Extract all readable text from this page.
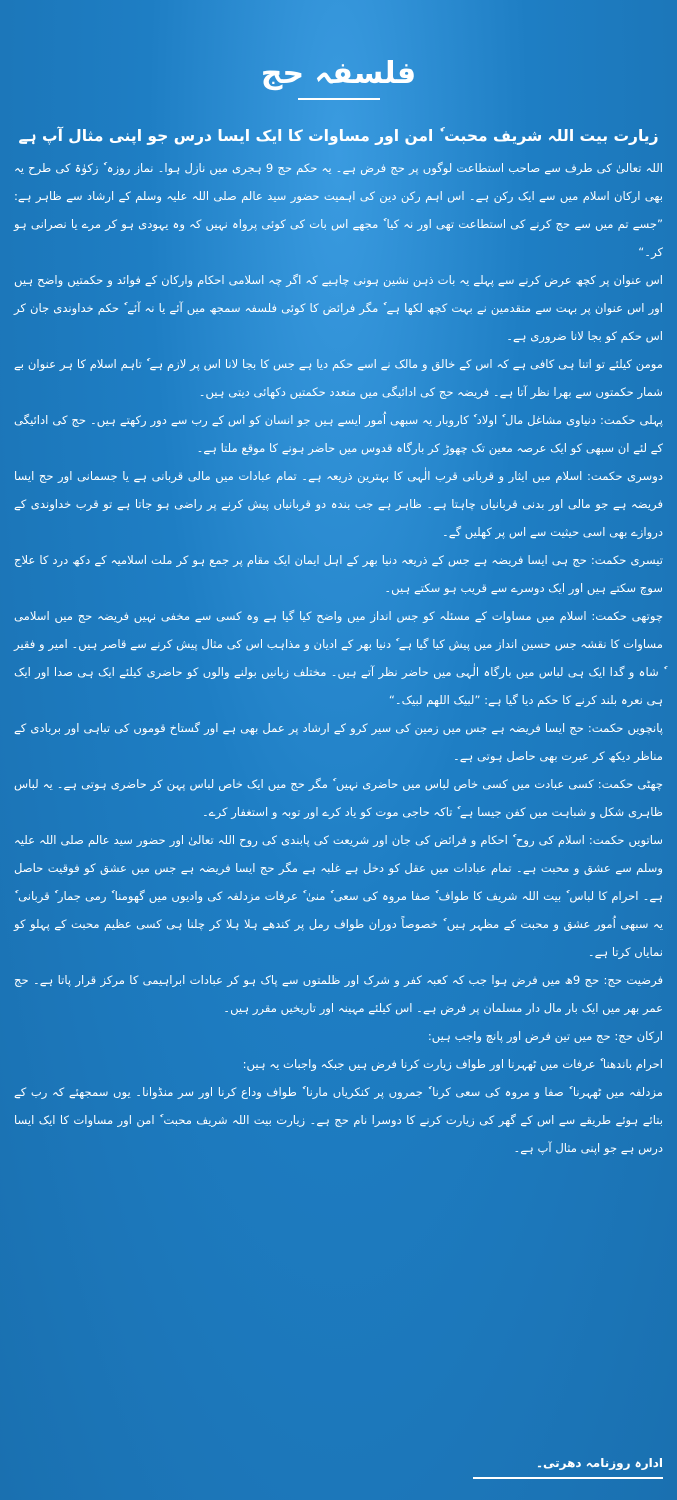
فلسفہ حج
زیارت بیت اللہ شریف محبت ٗ امن اور مساوات کا ایک ایسا درس جو اپنی مثال آپ ہے

اللہ تعالیٰ کی طرف سے صاحب استطاعت لوگوں پر حج فرض ہے۔ یہ حکم حج 9 ہجری میں نازل ہوا۔ نماز روزہ ٗ زکوٰۃ کی طرح یہ بھی ارکان اسلام میں سے ایک رکن ہے۔ اس اہم رکن دین کی اہمیت حضور سید عالم صلی اللہ علیہ وسلم کے ارشاد سے ظاہر ہے: ”جسے تم میں سے حج کرنے کی استطاعت تھی اور نہ کیا ٗ مجھے اس بات کی کوئی پرواہ نہیں کہ وہ یہودی ہو کر مرے یا نصرانی ہو کر۔“

اس عنوان پر کچھ عرض کرنے سے پہلے یہ بات ذہن نشین ہونی چاہیے کہ اگر چہ اسلامی احکام وارکان کے فوائد و حکمتیں واضح ہیں اور اس عنوان پر بہت سے متقدمین نے بہت کچھ لکھا ہے ٗ مگر فرائض کا کوئی فلسفہ سمجھ میں آئے یا نہ آئے ٗ حکم خداوندی جان کر اس حکم کو بجا لانا ضروری ہے۔

مومن کیلئے تو اتنا ہی کافی ہے کہ اس کے خالق و مالک نے اسے حکم دیا ہے جس کا بجا لانا اس پر لازم ہے ٗ تاہم اسلام کا ہر عنوان بے شمار حکمتوں سے بھرا نظر آتا ہے۔ فریضہ حج کی ادائیگی میں متعدد حکمتیں دکھائی دیتی ہیں۔

پہلی حکمت: دنیاوی مشاغل مال ٗ اولاد ٗ کاروبار یہ سبھی اُمور ایسے ہیں جو انسان کو اس کے رب سے دور رکھتے ہیں۔ حج کی ادائیگی کے لئے ان سبھی کو ایک عرصہ معین تک چھوڑ کر بارگاہ قدوس میں حاضر ہونے کا موقع ملتا ہے۔

دوسری حکمت: اسلام میں ایثار و قربانی قرب الٰہی کا بہترین ذریعہ ہے۔ تمام عبادات میں مالی قربانی ہے یا جسمانی اور حج ایسا فریضہ ہے جو مالی اور بدنی قربانیاں چاہتا ہے۔ ظاہر ہے جب بندہ دو قربانیاں پیش کرنے پر راضی ہو جاتا ہے تو قرب خداوندی کے دروازے بھی اسی حیثیت سے اس پر کھلیں گے۔

تیسری حکمت: حج ہی ایسا فریضہ ہے جس کے ذریعہ دنیا بھر کے اہل ایمان ایک مقام پر جمع ہو کر ملت اسلامیہ کے دکھ درد کا علاج سوچ سکتے ہیں اور ایک دوسرے سے قریب ہو سکتے ہیں۔

چوتھی حکمت: اسلام میں مساوات کے مسئلہ کو جس انداز میں واضح کیا گیا ہے وہ کسی سے مخفی نہیں فریضہ حج میں اسلامی مساوات کا نقشہ جس حسین انداز میں پیش کیا گیا ہے ٗ دنیا بھر کے ادیان و مذاہب اس کی مثال پیش کرنے سے قاصر ہیں۔ امیر و فقیر ٗ شاہ و گدا ایک ہی لباس میں بارگاہ الٰہی میں حاضر نظر آتے ہیں۔ مختلف زبانیں بولنے والوں کو حاضری کیلئے ایک ہی صدا اور ایک ہی نعرہ بلند کرنے کا حکم دیا گیا ہے: ”لبیک اللھم لبیک۔“

پانچویں حکمت: حج ایسا فریضہ ہے جس میں زمین کی سیر کرو کے ارشاد پر عمل بھی ہے اور گستاخ قوموں کی تباہی اور بربادی کے مناظر دیکھ کر عبرت بھی حاصل ہوتی ہے۔

چھٹی حکمت: کسی عبادت میں کسی خاص لباس میں حاضری نہیں ٗ مگر حج میں ایک خاص لباس پہن کر حاضری ہوتی ہے۔ یہ لباس ظاہری شکل و شباہت میں کفن جیسا ہے ٗ تاکہ حاجی موت کو یاد کرے اور توبہ و استغفار کرے۔

ساتویں حکمت: اسلام کی روح ٗ احکام و فرائض کی جان اور شریعت کی پابندی کی روح اللہ تعالیٰ اور حضور سید عالم صلی اللہ علیہ وسلم سے عشق و محبت ہے۔ تمام عبادات میں عقل کو دخل ہے غلبہ ہے مگر حج ایسا فریضہ ہے جس میں عشق کو فوقیت حاصل ہے۔ احرام کا لباس ٗ بیت اللہ شریف کا طواف ٗ صفا مروہ کی سعی ٗ منیٰ ٗ عرفات مزدلفہ کی وادیوں میں گھومنا ٗ رمی جمار ٗ قربانی ٗ یہ سبھی اُمور عشق و محبت کے مظہر ہیں ٗ خصوصاً دوران طواف رمل پر کندھے ہلا ہلا کر چلنا ہی کسی عظیم محبت کے پہلو کو نمایاں کرتا ہے۔

فرضیت حج: حج 9ھ میں فرض ہوا جب کہ کعبہ کفر و شرک اور ظلمتوں سے پاک ہو کر عبادات ابراہیمی کا مرکز قرار پاتا ہے۔ حج عمر بھر میں ایک بار مال دار مسلمان پر فرض ہے۔ اس کیلئے مہینہ اور تاریخیں مقرر ہیں۔

ارکان حج: حج میں تین فرض اور پانچ واجب ہیں:

احرام باندھنا ٗ عرفات میں ٹھہرنا اور طواف زیارت کرنا فرض ہیں جبکہ واجبات یہ ہیں:

مزدلفہ میں ٹھہرنا ٗ صفا و مروہ کی سعی کرنا ٗ جمروں پر کنکریاں مارنا ٗ طواف وداع کرنا اور سر منڈوانا۔ یوں سمجھئے کہ رب کے بتائے ہوئے طریقے سے اس کے گھر کی زیارت کرنے کا دوسرا نام حج ہے۔ زیارت بیت اللہ شریف محبت ٗ امن اور مساوات کا ایک ایسا درس ہے جو اپنی مثال آپ ہے۔

ادارہ روزنامہ دھرتی۔
